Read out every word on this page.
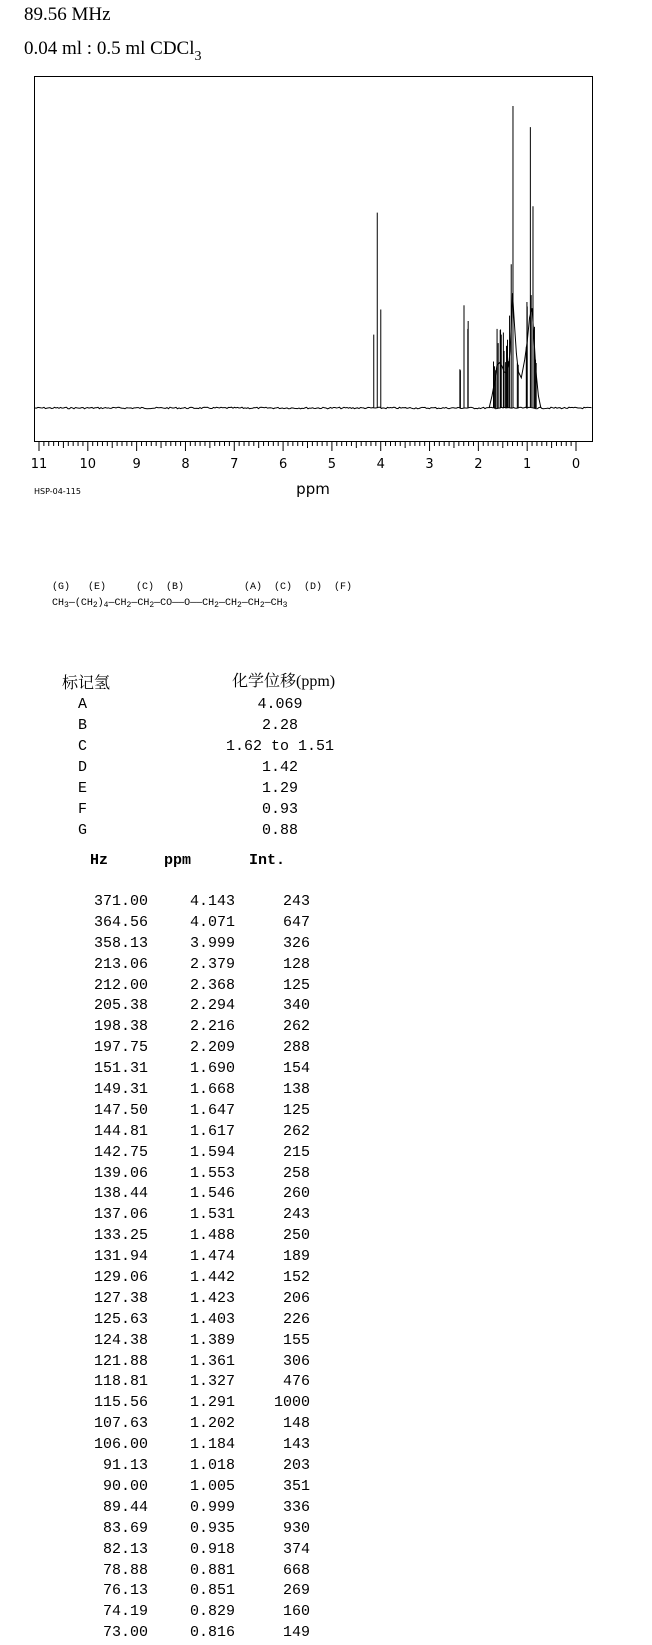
89.56 MHz
0.04 ml : 0.5 ml CDCl$_3$
11 10	9	8	7	6	5	4	3	2	1	0
HSP-04-115	ppm
(G)   (E)     (C)  (B)          (A)  (C)  (D)  (F)
$CH_3—(CH_2)_4—CH_2—CH_2—CO——O——CH_2—CH_2—CH_2—CH_3$
标记氢	化学位移(ppm)
A	4.069
B	2.28
C	1.62 to 1.51
D	1.42
E	1.29
F	0.93
G	0.88
Hz	ppm	Int.
371.00	4.143	243
364.56	4.071	647
358.13	3.999	326
213.06	2.379	128
212.00	2.368	125
205.38	2.294	340
198.38	2.216	262
197.75	2.209	288
151.31	1.690	154
149.31	1.668	138
147.50	1.647	125
144.81	1.617	262
142.75	1.594	215
139.06	1.553	258
138.44	1.546	260
137.06	1.531	243
133.25	1.488	250
131.94	1.474	189
129.06	1.442	152
127.38	1.423	206
125.63	1.403	226
124.38	1.389	155
121.88	1.361	306
118.81	1.327	476
115.56	1.291	1000
107.63	1.202	148
106.00	1.184	143
91.13	1.018	203
90.00	1.005	351
89.44	0.999	336
83.69	0.935	930
82.13	0.918	374
78.88	0.881	668
76.13	0.851	269
74.19	0.829	160
73.00	0.816	149
